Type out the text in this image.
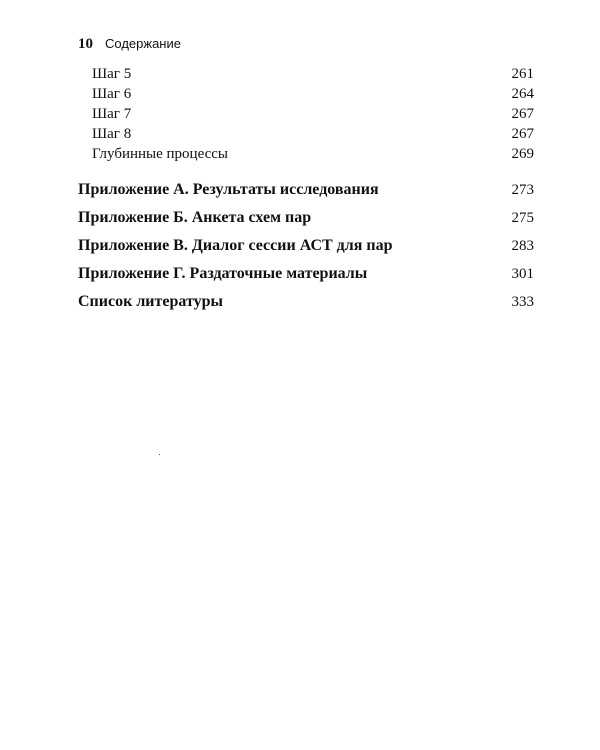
10 Содержание
Шаг 5	261
Шаг 6	264
Шаг 7	267
Шаг 8	267
Глубинные процессы	269
Приложение А. Результаты исследования	273
Приложение Б. Анкета схем пар	275
Приложение В. Диалог сессии АСТ для пар	283
Приложение Г. Раздаточные материалы	301
Список литературы	333
